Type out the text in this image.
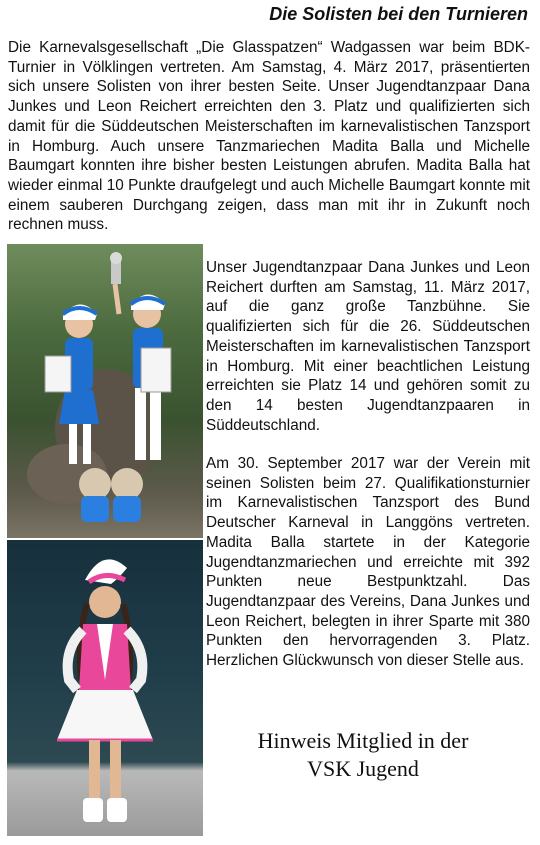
Die Solisten bei den Turnieren

Die Karnevalsgesellschaft „Die Glasspatzen“ Wadgassen war beim BDK-Turnier in Völklingen vertreten. Am Samstag, 4. März 2017, präsentierten sich unsere Solisten von ihrer besten Seite. Unser Jugendtanzpaar Dana Junkes und Leon Reichert erreichten den 3. Platz und qualifizierten sich damit für die Süddeutschen Meisterschaften im karnevalistischen Tanzsport in Homburg. Auch unsere Tanzmariechen Madita Balla und Michelle Baumgart konnten ihre bisher besten Leistungen abrufen. Madita Balla hat wieder einmal 10 Punkte draufgelegt und auch Michelle Baumgart konnte mit einem sauberen Durchgang zeigen, dass man mit ihr in Zukunft noch rechnen muss.

Unser Jugendtanzpaar Dana Junkes und Leon Reichert durften am Samstag, 11. März 2017, auf die ganz große Tanzbühne. Sie qualifizierten sich für die 26. Süddeutschen Meisterschaften im karnevalistischen Tanzsport in Homburg. Mit einer beachtlichen Leistung erreichten sie Platz 14 und gehören somit zu den 14 besten Jugendtanzpaaren in Süddeutschland.

Am 30. September 2017 war der Verein mit seinen Solisten beim 27. Qualifikationsturnier im Karnevalistischen Tanzsport des Bund Deutscher Karneval in Langgöns vertreten. Madita Balla startete in der Kategorie Jugendtanzmariechen und erreichte mit 392 Punkten neue Bestpunktzahl. Das Jugendtanzpaar des Vereins, Dana Junkes und Leon Reichert, belegten in ihrer Sparte mit 380 Punkten den hervorragenden 3. Platz. Herzlichen Glückwunsch von dieser Stelle aus.

Hinweis Mitglied in der
VSK Jugend
